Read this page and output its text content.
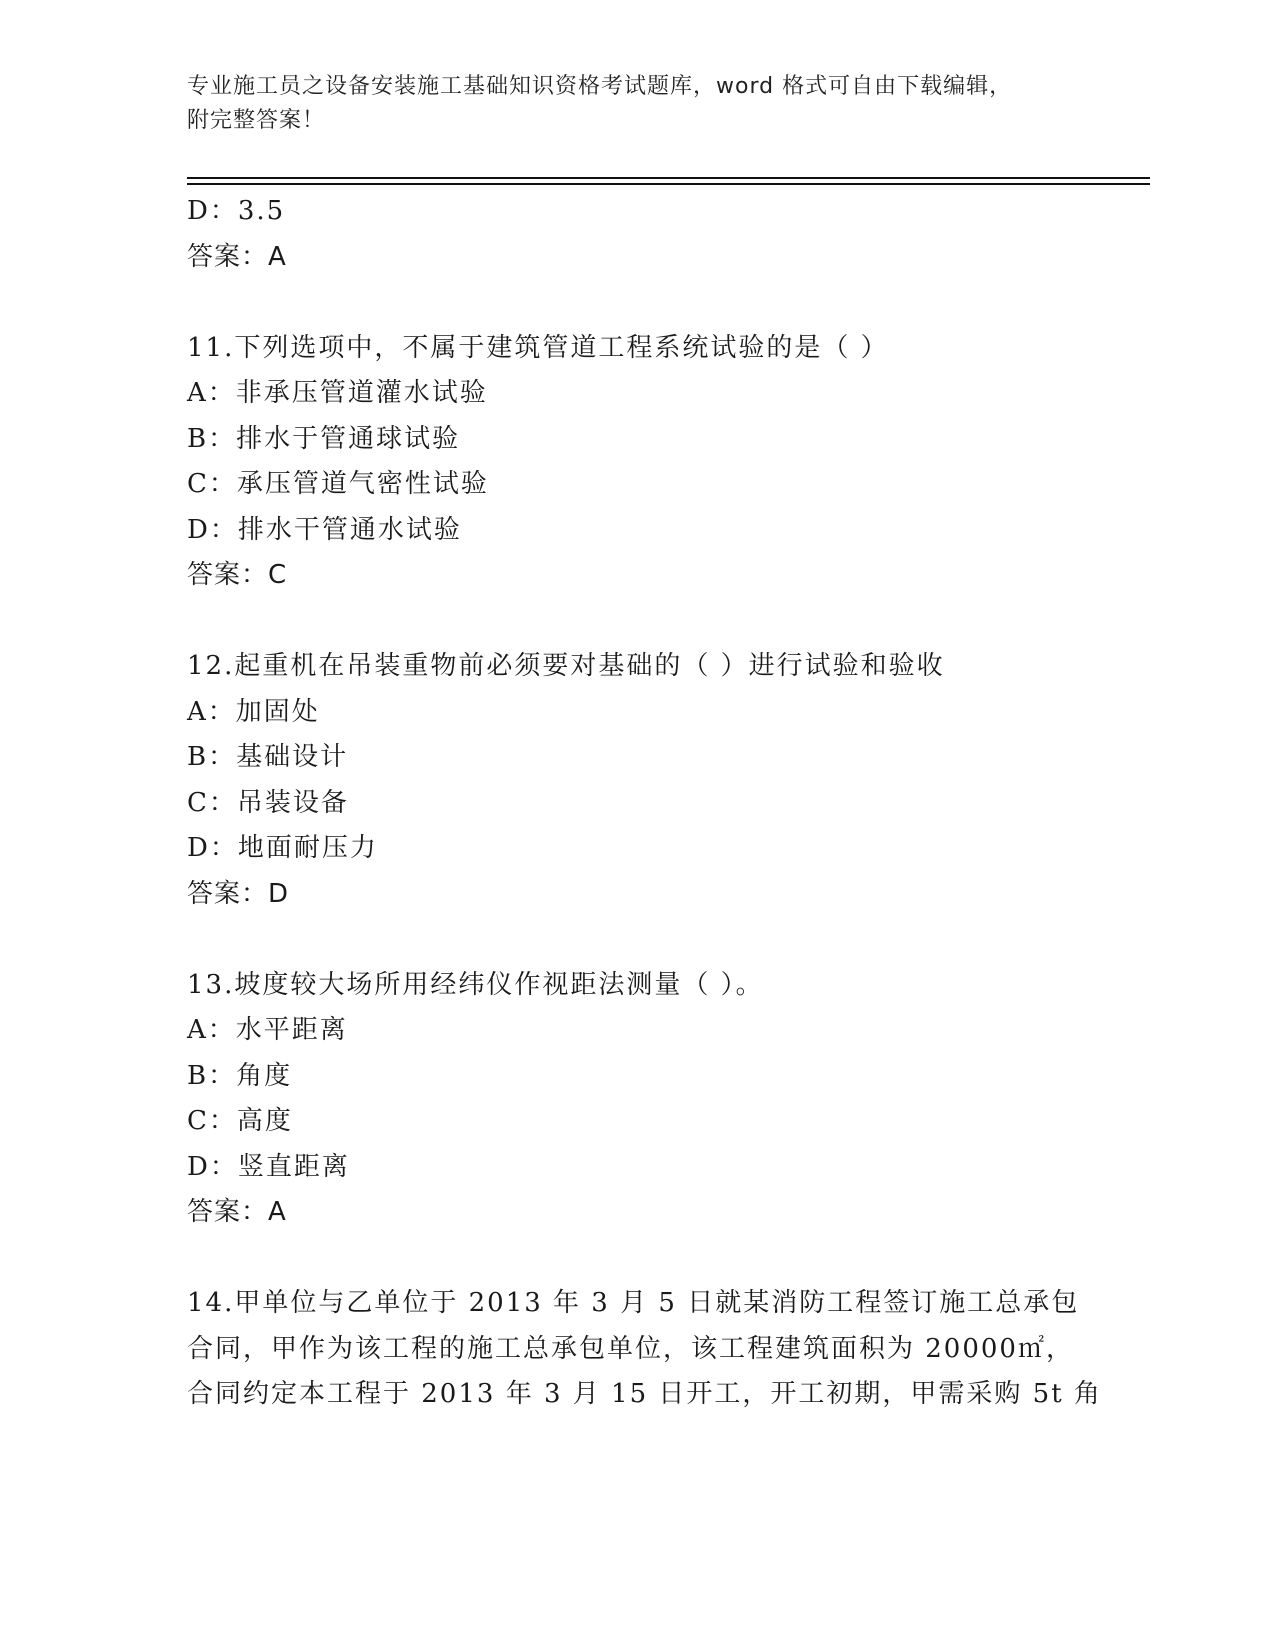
专业施工员之设备安装施工基础知识资格考试题库，word 格式可自由下载编辑，
附完整答案！
D：3.5
答案：A
11.下列选项中，不属于建筑管道工程系统试验的是（ ）
A：非承压管道灌水试验
B：排水于管通球试验
C：承压管道气密性试验
D：排水干管通水试验
答案：C
12.起重机在吊装重物前必须要对基础的（ ）进行试验和验收
A：加固处
B：基础设计
C：吊装设备
D：地面耐压力
答案：D
13.坡度较大场所用经纬仪作视距法测量（ ）。
A：水平距离
B：角度
C：高度
D：竖直距离
答案：A
14.甲单位与乙单位于 2013 年 3 月 5 日就某消防工程签订施工总承包
合同，甲作为该工程的施工总承包单位，该工程建筑面积为 20000㎡，
合同约定本工程于 2013 年 3 月 15 日开工，开工初期，甲需采购 5t 角
